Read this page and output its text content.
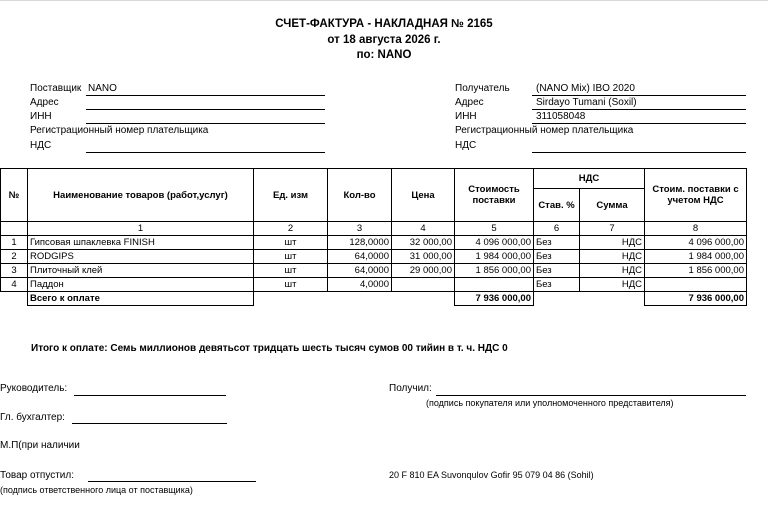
СЧЕТ-ФАКТУРА - НАКЛАДНАЯ № 2165
от 18 августа 2026 г.
по: NANO
Поставщик NANO
Адрес
ИНН
Регистрационный номер плательщика
НДС
Получатель	(NANO Mix) IBO 2020
Адрес	Sirdayo Tumani (Soxil)
ИНН	311058048
Регистрационный номер плательщика
НДС
№	Наименование товаров (работ,услуг)	Ед. изм	Кол-во	Цена	Стоимость поставки	НДС		Стоим. поставки с учетом НДС
						Став. %	Сумма	
	1	2	3	4	5	6	7	8
1	Гипсовая шпаклевка FINISH	шт	128,0000	32 000,00	4 096 000,00	Без	НДС	4 096 000,00
2	RODGIPS	шт	64,0000	31 000,00	1 984 000,00	Без	НДС	1 984 000,00
3	Плиточный клей	шт	64,0000	29 000,00	1 856 000,00	Без	НДС	1 856 000,00
4	Паддон	шт	4,0000			Без	НДС	
	Всего к оплате				7 936 000,00			7 936 000,00
Итого к оплате: Семь миллионов девятьсот тридцать шесть тысяч сумов 00 тийин в т. ч. НДС 0
Руководитель:	Получил:
(подпись покупателя или уполномоченного представителя)
Гл. бухгалтер:
М.П(при наличии
Товар отпустил:
(подпись ответственного лица от поставщика)
20 F 810 EA Suvonqulov Gofir 95 079 04 86 (Sohil)
